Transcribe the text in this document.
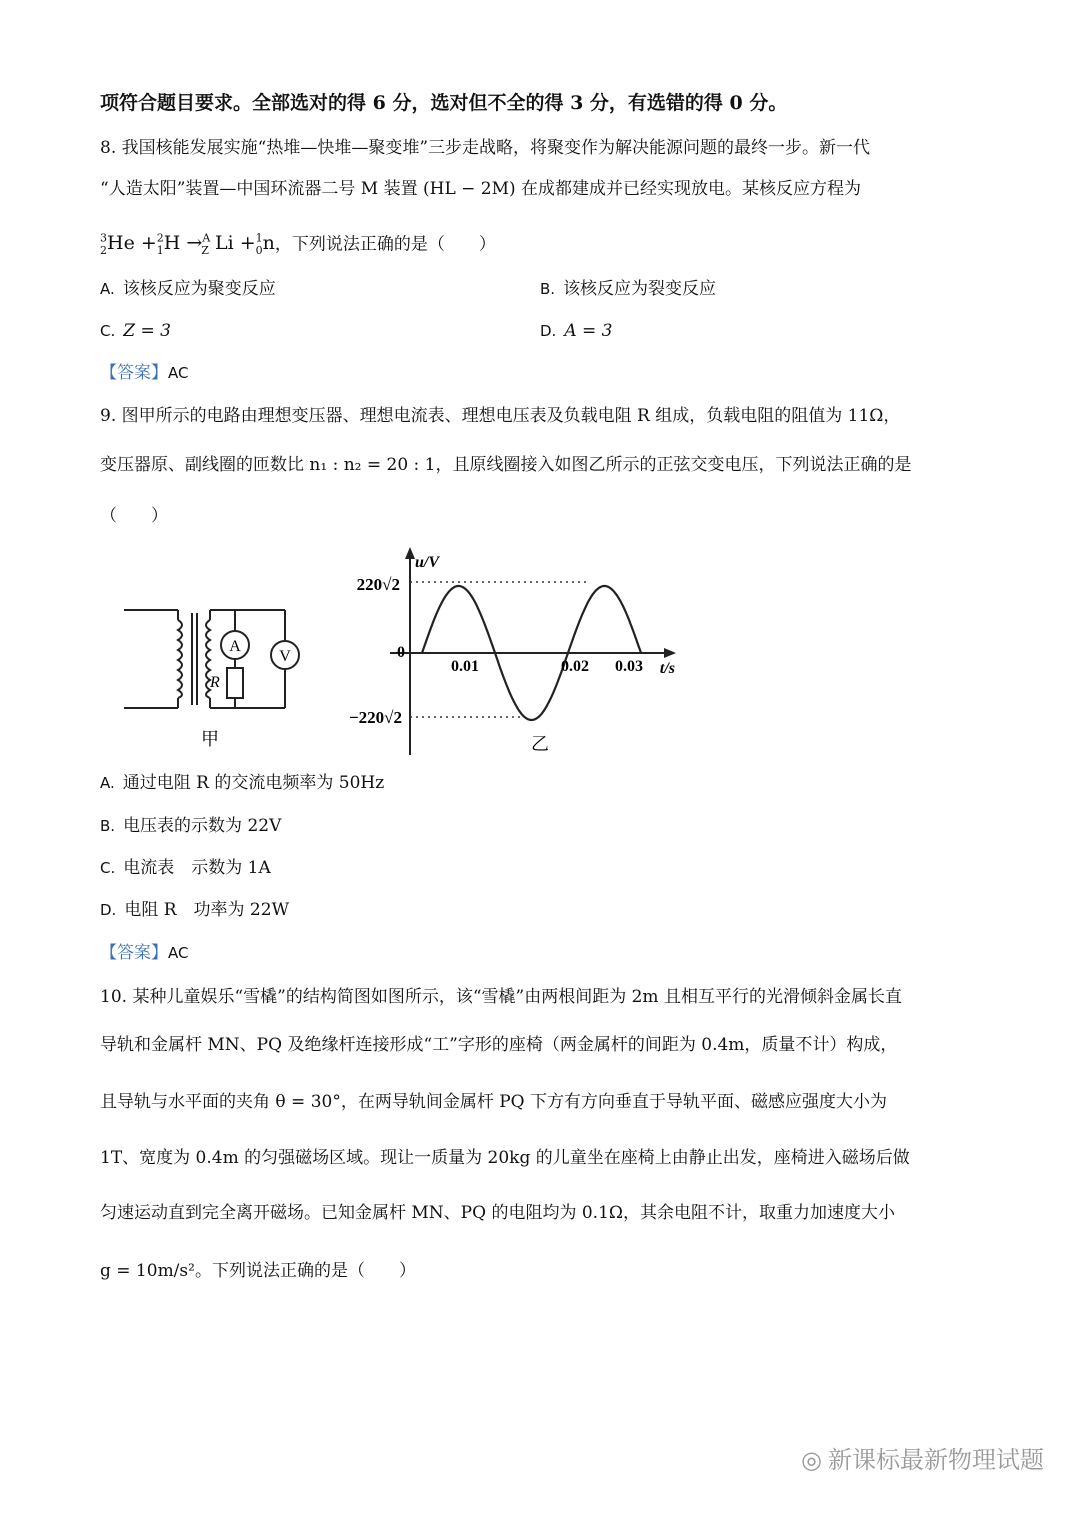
项符合题目要求。全部选对的得 6 分，选对但不全的得 3 分，有选错的得 0 分。
8. 我国核能发展实施“热堆—快堆—聚变堆”三步走战略，将聚变作为解决能源问题的最终一步。新一代
“人造太阳”装置—中国环流器二号 M 装置 (HL − 2M) 在成都建成并已经实现放电。某核反应方程为
$^3_2$He +$^2_1$H →$^A_Z$ Li +$^1_0$n，下列说法正确的是（　　）
A. 该核反应为聚变反应	B. 该核反应为裂变反应
C. Z = 3	D. A = 3
【答案】AC
9. 图甲所示的电路由理想变压器、理想电流表、理想电压表及负载电阻 R 组成，负载电阻的阻值为 11Ω，
变压器原、副线圈的匝数比 n₁ : n₂ = 20 : 1，且原线圈接入如图乙所示的正弦交变电压，下列说法正确的是
（　　）
A
V
R
甲
u/V
t/s
220√2
−220√2
0
0.01	0.02 0.03
乙
A. 通过电阻 R 的交流电频率为 50Hz
B. 电压表的示数为 22V
C. 电流表　示数为 1A
D. 电阻 R　功率为 22W
【答案】AC
10. 某种儿童娱乐“雪橇”的结构简图如图所示，该“雪橇”由两根间距为 2m 且相互平行的光滑倾斜金属长直
导轨和金属杆 MN、PQ 及绝缘杆连接形成“工”字形的座椅（两金属杆的间距为 0.4m，质量不计）构成，
且导轨与水平面的夹角 θ = 30°，在两导轨间金属杆 PQ 下方有方向垂直于导轨平面、磁感应强度大小为
1T、宽度为 0.4m 的匀强磁场区域。现让一质量为 20kg 的儿童坐在座椅上由静止出发，座椅进入磁场后做
匀速运动直到完全离开磁场。已知金属杆 MN、PQ 的电阻均为 0.1Ω，其余电阻不计，取重力加速度大小
g = 10m/s²。下列说法正确的是（　　）
◎ 新课标最新物理试题
